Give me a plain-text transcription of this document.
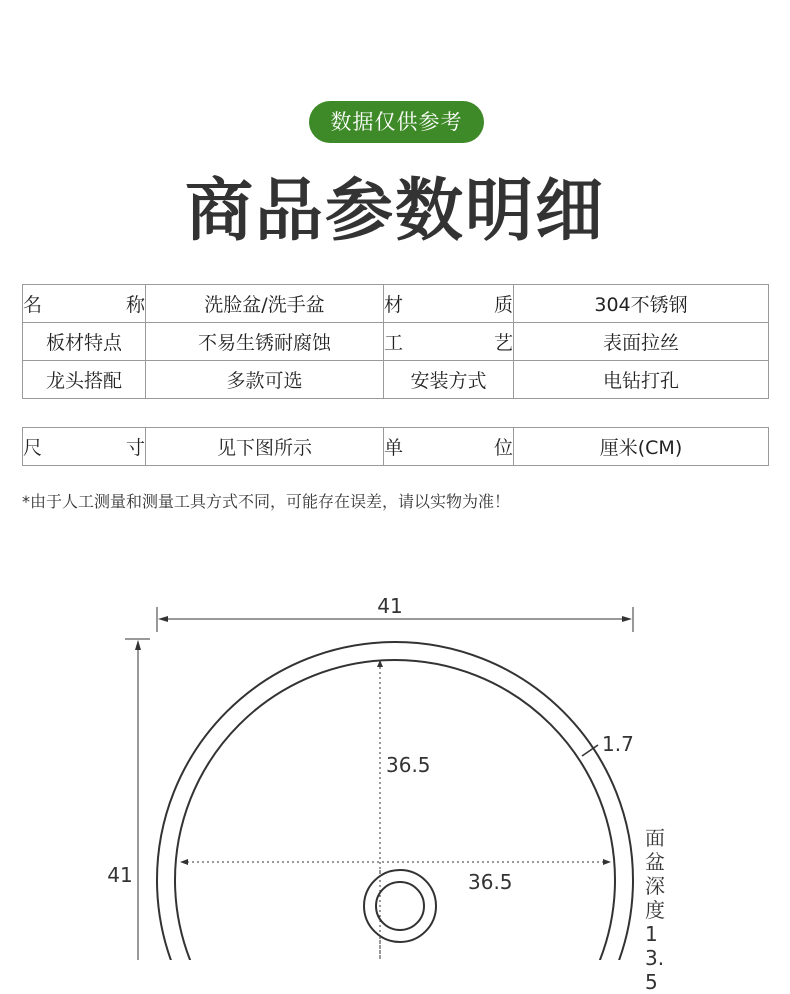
数据仅供参考
商品参数明细
名称	洗脸盆/洗手盆	材质	304不锈钢
板材特点	不易生锈耐腐蚀	工艺	表面拉丝
龙头搭配	多款可选	安装方式	电钻打孔
尺寸	见下图所示	单位	厘米(CM)
*由于人工测量和测量工具方式不同，可能存在误差，请以实物为准！
41
41
1.7
36.5
36.5
面盆深度13.5
